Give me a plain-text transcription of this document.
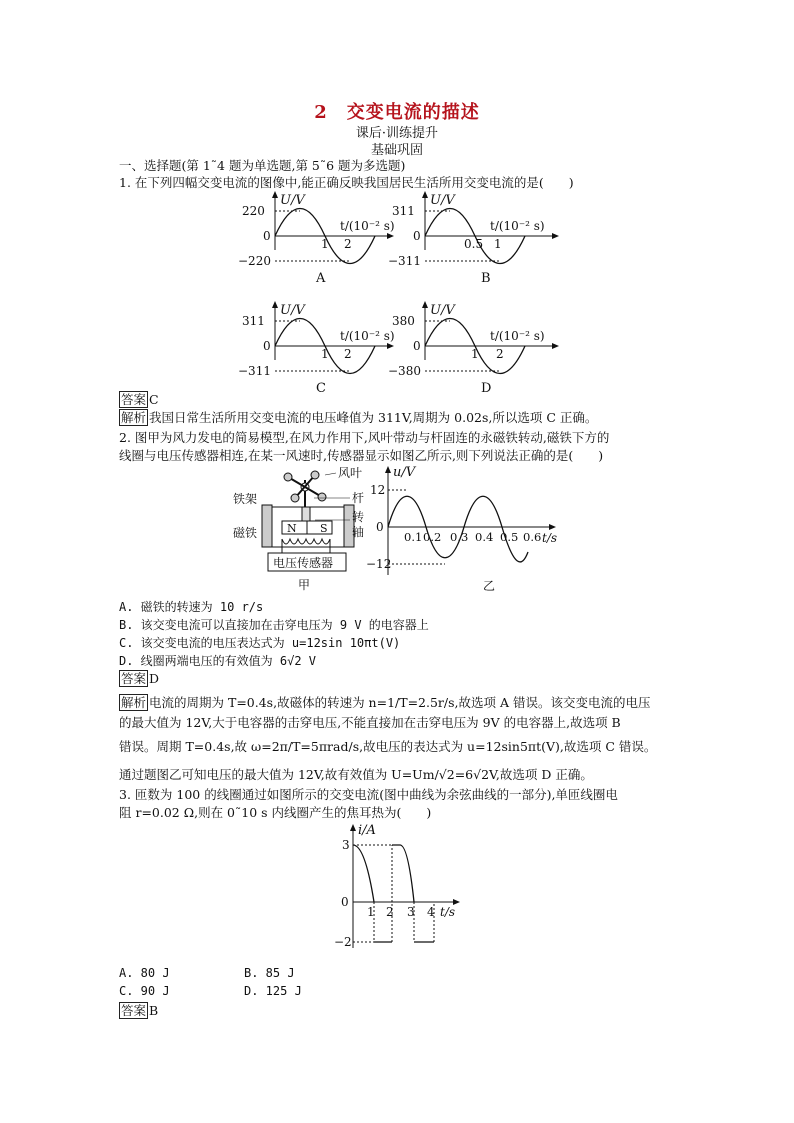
2　交变电流的描述
课后·训练提升
基础巩固
一、选择题(第 1˜4 题为单选题,第 5˜6 题为多选题)
1. 在下列四幅交变电流的图像中,能正确反映我国居民生活所用交变电流的是(　　)
U/V
220
0
−220
1 2
t/(10⁻² s)
A
U/V
311
0
−311
0.5 1
t/(10⁻² s)
B
U/V
311
0
−311
1 2
t/(10⁻² s)
C
U/V
380
0
−380
1 2
t/(10⁻² s)
D
答案 C
解析 我国日常生活所用交变电流的电压峰值为 311V,周期为 0.02s,所以选项 C 正确。
2. 图甲为风力发电的简易模型,在风力作用下,风叶带动与杆固连的永磁铁转动,磁铁下方的
线圈与电压传感器相连,在某一风速时,传感器显示如图乙所示,则下列说法正确的是(　　)
N S
电压传感器
铁架
磁铁
风叶
杆
转
轴
甲
u/V
12
0
−12
0.1 0.2 0.3 0.4 0.5 0.6 t/s
乙
A. 磁铁的转速为 10 r/s
B. 该交变电流可以直接加在击穿电压为 9 V 的电容器上
C. 该交变电流的电压表达式为 u=12sin 10πt(V)
D. 线圈两端电压的有效值为 6√2 V
答案 D
解析 电流的周期为 T=0.4s,故磁体的转速为 n=1/T=2.5r/s,故选项 A 错误。该交变电流的电压
的最大值为 12V,大于电容器的击穿电压,不能直接加在击穿电压为 9V 的电容器上,故选项 B
错误。周期 T=0.4s,故 ω=2π/T=5πrad/s,故电压的表达式为 u=12sin5πt(V),故选项 C 错误。
通过题图乙可知电压的最大值为 12V,故有效值为 U=Um/√2=6√2V,故选项 D 正确。
3. 匝数为 100 的线圈通过如图所示的交变电流(图中曲线为余弦曲线的一部分),单匝线圈电
阻 r=0.02 Ω,则在 0˜10 s 内线圈产生的焦耳热为(　　)
i/A
3
0
−2
1 2 3 4 t/s
A. 80 J	B. 85 J
C. 90 J	D. 125 J
答案 B
